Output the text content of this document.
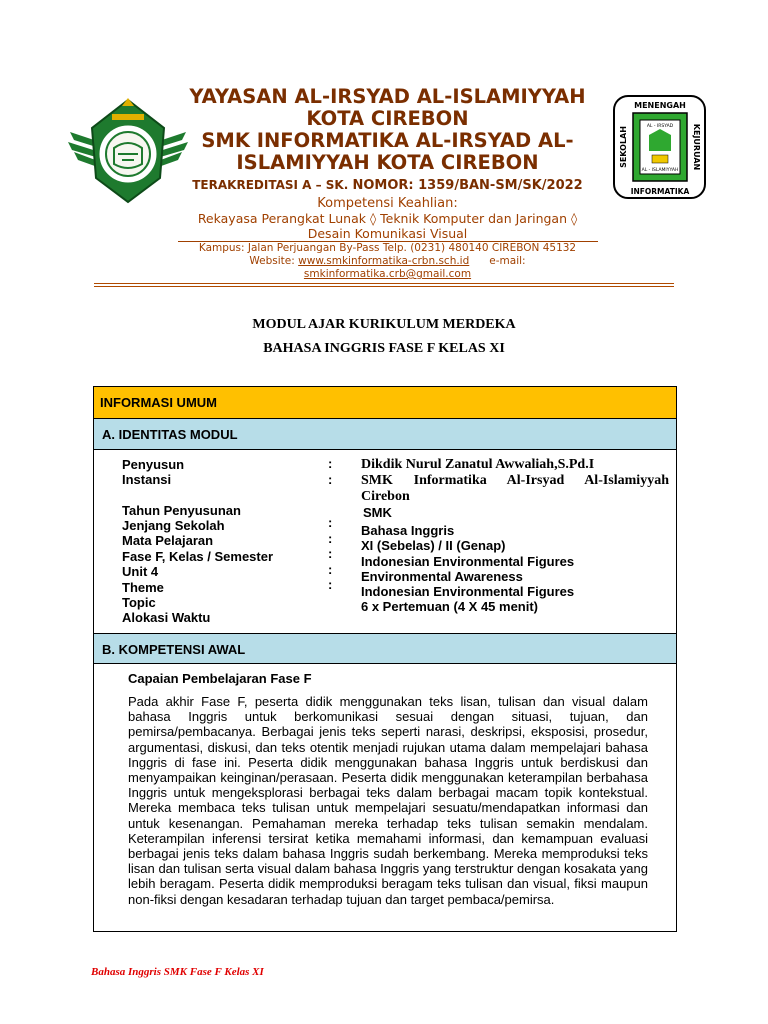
MENENGAH
INFORMATIKA
SEKOLAH	KEJURUAN
AL - IRSYAD
AL - ISLAMIYYAH
YAYASAN AL-IRSYAD AL-ISLAMIYYAH KOTA CIREBON
SMK INFORMATIKA AL-IRSYAD AL-ISLAMIYYAH KOTA CIREBON
TERAKREDITASI A – SK. NOMOR: 1359/BAN-SM/SK/2022
Kompetensi Keahlian:
Rekayasa Perangkat Lunak ◊ Teknik Komputer dan Jaringan ◊ Desain Komunikasi Visual
Kampus: Jalan Perjuangan By-Pass Telp. (0231) 480140 CIREBON 45132
Website: www.smkinformatika-crbn.sch.id e-mail:
smkinformatika.crb@gmail.com
MODUL AJAR KURIKULUM MERDEKA
BAHASA INGGRIS FASE F KELAS XI
INFORMASI UMUM
A. IDENTITAS MODUL
Penyusun
Instansi
Tahun Penyusunan
Jenjang Sekolah
Mata Pelajaran
Fase F, Kelas / Semester
Unit 4
Theme
Topic
Alokasi Waktu
:
:
:
:
:
:
:
Dikdik Nurul Zanatul Awwaliah,S.Pd.I
SMK Informatika Al-Irsyad Al-Islamiyyah Cirebon
SMK
Bahasa Inggris
XI (Sebelas) / II (Genap)
Indonesian Environmental Figures
Environmental Awareness
Indonesian Environmental Figures
6 x Pertemuan (4 X 45 menit)
B. KOMPETENSI AWAL
Capaian Pembelajaran Fase F
Pada akhir Fase F, peserta didik menggunakan teks lisan, tulisan dan visual dalam bahasa Inggris untuk berkomunikasi sesuai dengan situasi, tujuan, dan pemirsa/pembacanya. Berbagai jenis teks seperti narasi, deskripsi, eksposisi, prosedur, argumentasi, diskusi, dan teks otentik menjadi rujukan utama dalam mempelajari bahasa Inggris di fase ini. Peserta didik menggunakan bahasa Inggris untuk berdiskusi dan menyampaikan keinginan/perasaan. Peserta didik menggunakan keterampilan berbahasa Inggris untuk mengeksplorasi berbagai teks dalam berbagai macam topik kontekstual. Mereka membaca teks tulisan untuk mempelajari sesuatu/mendapatkan informasi dan untuk kesenangan. Pemahaman mereka terhadap teks tulisan semakin mendalam. Keterampilan inferensi tersirat ketika memahami informasi, dan kemampuan evaluasi berbagai jenis teks dalam bahasa Inggris sudah berkembang. Mereka memproduksi teks lisan dan tulisan serta visual dalam bahasa Inggris yang terstruktur dengan kosakata yang lebih beragam. Peserta didik memproduksi beragam teks tulisan dan visual, fiksi maupun non-fiksi dengan kesadaran terhadap tujuan dan target pembaca/pemirsa.
Bahasa Inggris SMK Fase F Kelas XI
